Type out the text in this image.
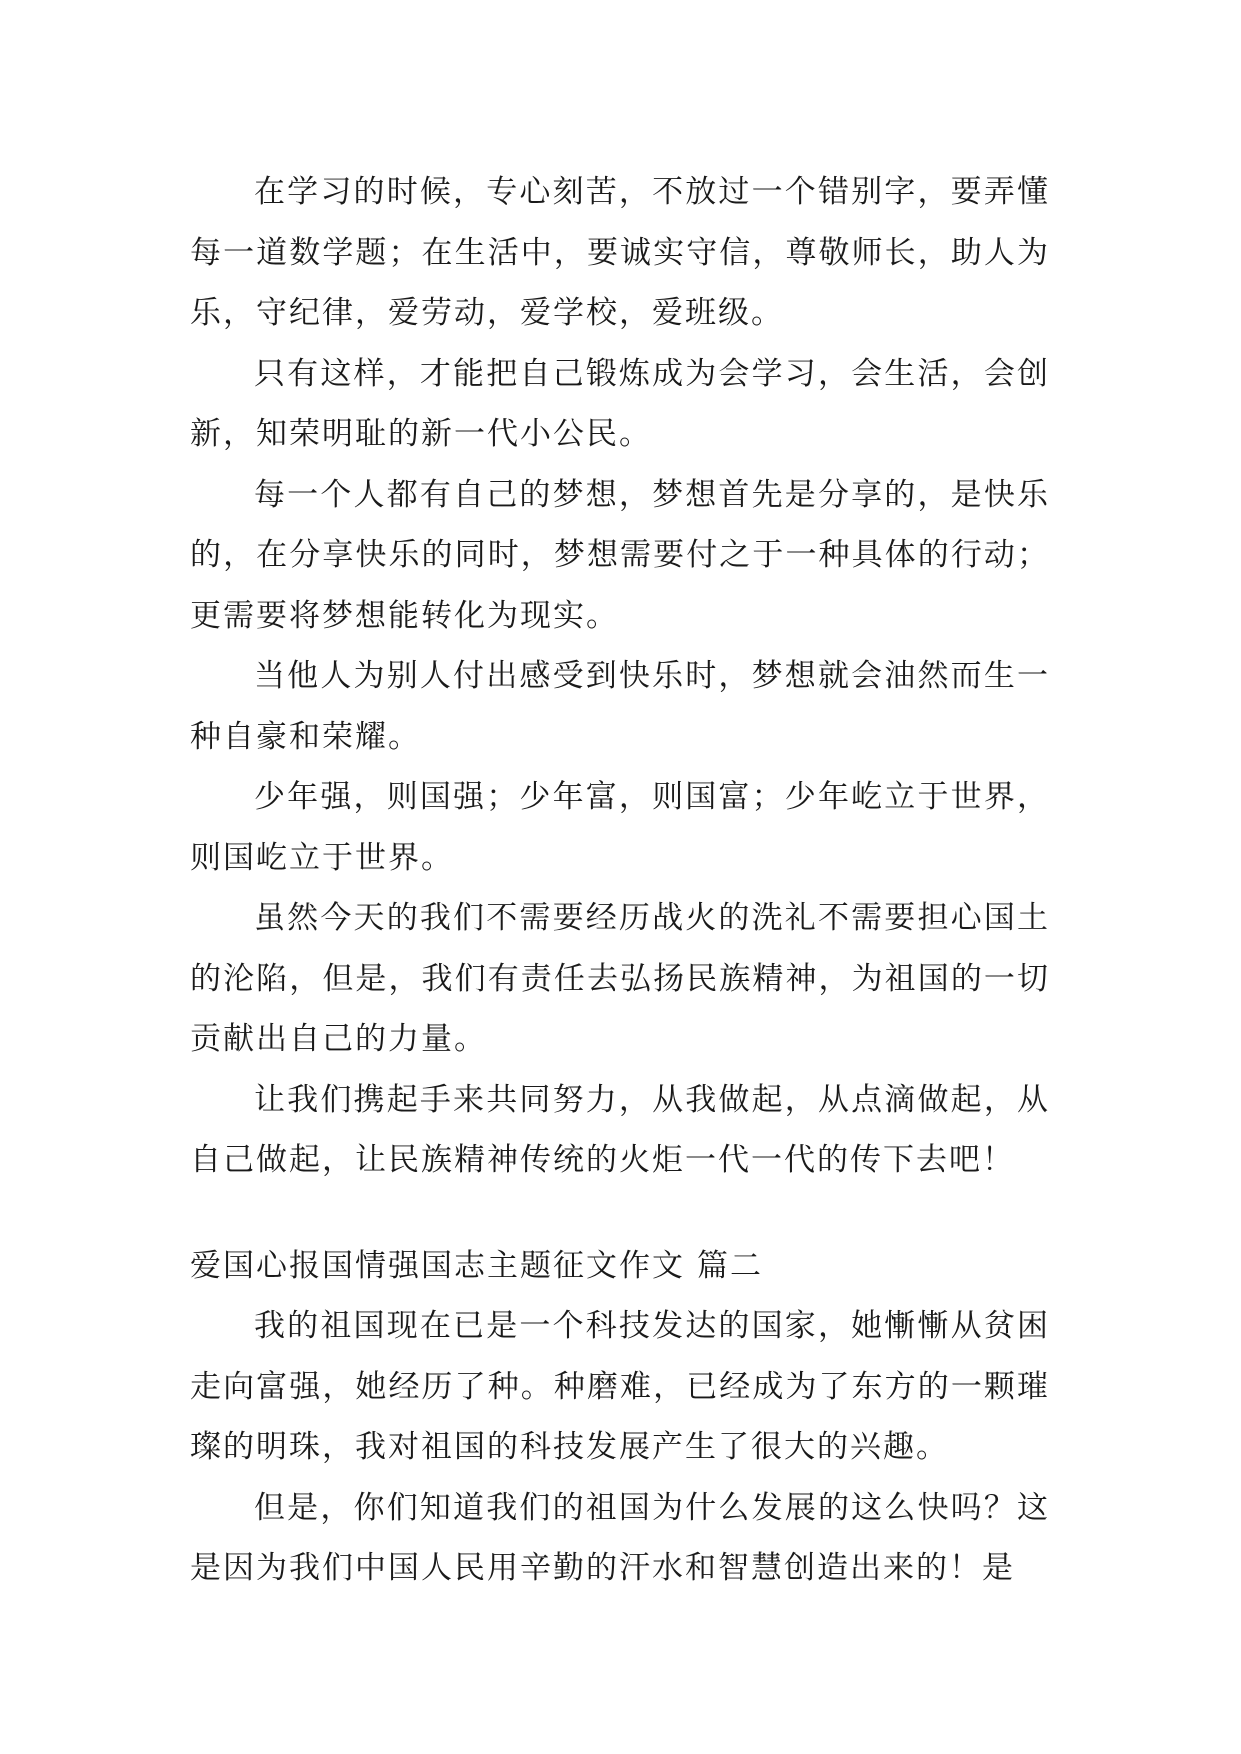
在学习的时候，专心刻苦，不放过一个错别字，要弄懂每一道数学题；在生活中，要诚实守信，尊敬师长，助人为乐，守纪律，爱劳动，爱学校，爱班级。

只有这样，才能把自己锻炼成为会学习，会生活，会创新，知荣明耻的新一代小公民。

每一个人都有自己的梦想，梦想首先是分享的，是快乐的，在分享快乐的同时，梦想需要付之于一种具体的行动；更需要将梦想能转化为现实。

当他人为别人付出感受到快乐时，梦想就会油然而生一种自豪和荣耀。

少年强，则国强；少年富，则国富；少年屹立于世界，则国屹立于世界。

虽然今天的我们不需要经历战火的洗礼不需要担心国土的沦陷，但是，我们有责任去弘扬民族精神，为祖国的一切贡献出自己的力量。

让我们携起手来共同努力，从我做起，从点滴做起，从自己做起，让民族精神传统的火炬一代一代的传下去吧！

爱国心报国情强国志主题征文作文 篇二

我的祖国现在已是一个科技发达的国家，她慚慚从贫困走向富强，她经历了种。种磨难，已经成为了东方的一颗璀璨的明珠，我对祖国的科技发展产生了很大的兴趣。

但是，你们知道我们的祖国为什么发展的这么快吗？这是因为我们中国人民用辛勤的汗水和智慧创造出来的！是
